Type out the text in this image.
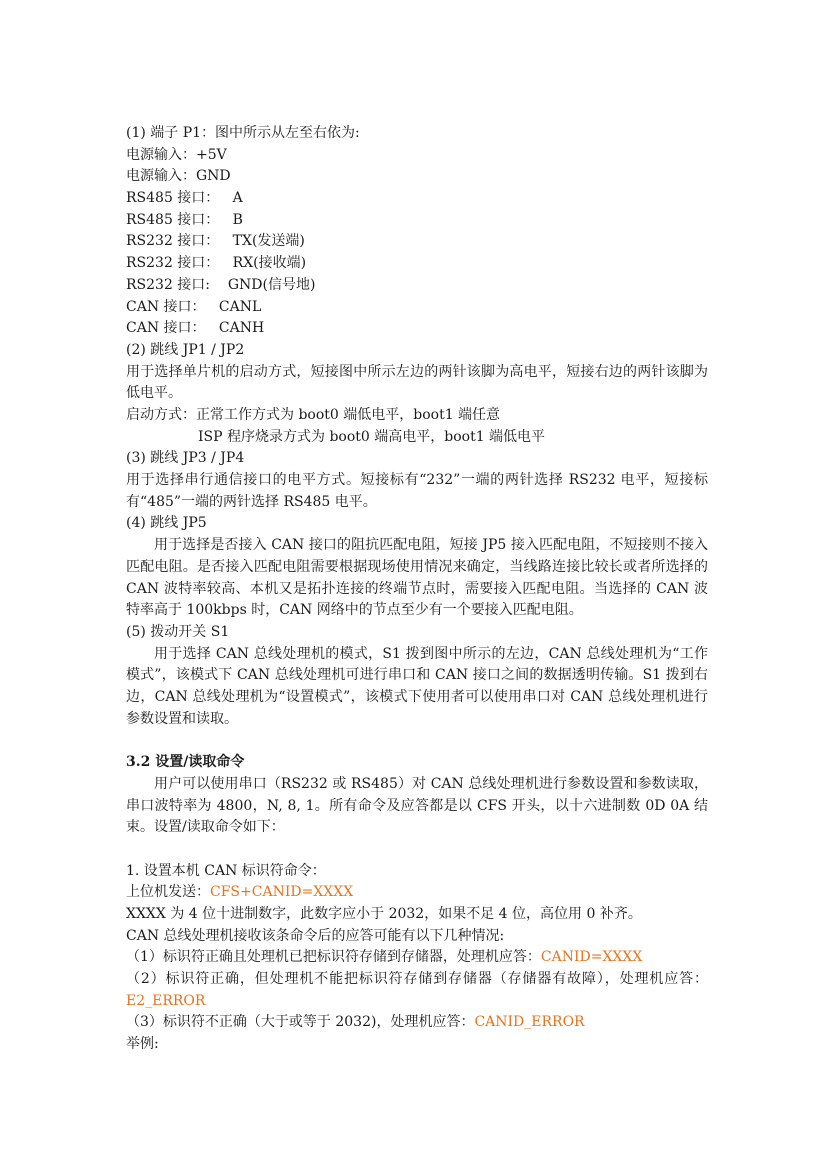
(1) 端子 P1：图中所示从左至右依为:
电源输入：+5V
电源输入：GND
RS485 接口：   A
RS485 接口：   B
RS232 接口：   TX(发送端)
RS232 接口：   RX(接收端)
RS232 接口:    GND(信号地)
CAN 接口：   CANL
CAN 接口：   CANH
(2) 跳线 JP1 / JP2
用于选择单片机的启动方式，短接图中所示左边的两针该脚为高电平，短接右边的两针该脚为低电平。
启动方式：正常工作方式为 boot0 端低电平，boot1 端任意
ISP 程序烧录方式为 boot0 端高电平，boot1 端低电平
(3) 跳线 JP3 / JP4
用于选择串行通信接口的电平方式。短接标有“232”一端的两针选择 RS232 电平，短接标有“485”一端的两针选择 RS485 电平。
(4) 跳线 JP5
用于选择是否接入 CAN 接口的阻抗匹配电阻，短接 JP5 接入匹配电阻，不短接则不接入匹配电阻。是否接入匹配电阻需要根据现场使用情况来确定，当线路连接比较长或者所选择的 CAN 波特率较高、本机又是拓扑连接的终端节点时，需要接入匹配电阻。当选择的 CAN 波特率高于 100kbps 时，CAN 网络中的节点至少有一个要接入匹配电阻。
(5) 拨动开关 S1
用于选择 CAN 总线处理机的模式，S1 拨到图中所示的左边，CAN 总线处理机为“工作模式”，该模式下 CAN 总线处理机可进行串口和 CAN 接口之间的数据透明传输。S1 拨到右边，CAN 总线处理机为“设置模式”，该模式下使用者可以使用串口对 CAN 总线处理机进行参数设置和读取。
3.2 设置/读取命令
用户可以使用串口（RS232 或 RS485）对 CAN 总线处理机进行参数设置和参数读取，串口波特率为 4800，N, 8, 1。所有命令及应答都是以 CFS 开头，以十六进制数 0D 0A 结束。设置/读取命令如下：
1. 设置本机 CAN 标识符命令：
上位机发送：CFS+CANID=XXXX
XXXX 为 4 位十进制数字，此数字应小于 2032，如果不足 4 位，高位用 0 补齐。
CAN 总线处理机接收该条命令后的应答可能有以下几种情况:
（1）标识符正确且处理机已把标识符存储到存储器，处理机应答：CANID=XXXX
（2）标识符正确，但处理机不能把标识符存储到存储器（存储器有故障），处理机应答：E2_ERROR
（3）标识符不正确（大于或等于 2032)，处理机应答：CANID_ERROR
举例:
